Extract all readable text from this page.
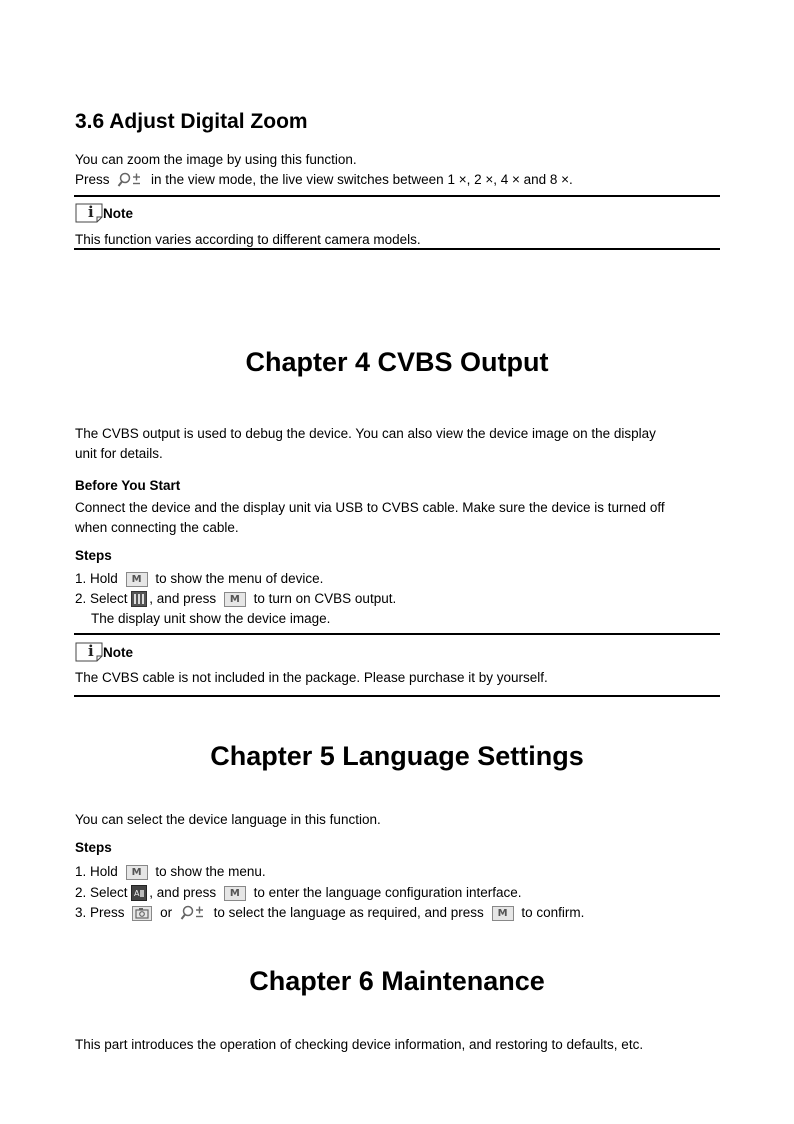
3.6 Adjust Digital Zoom

You can zoom the image by using this function.

Press	in the view mode, the live view switches between 1 ×, 2 ×, 4 × and 8 ×.

i Note

This function varies according to different camera models.

Chapter 4 CVBS Output

The CVBS output is used to debug the device. You can also view the device image on the display

unit for details.

Before You Start

Connect the device and the display unit via USB to CVBS cable. Make sure the device is turned off

when connecting the cable.

Steps

1. Hold M to show the menu of device.

2. Select , and press M to turn on CVBS output.

The display unit show the device image.

i Note

The CVBS cable is not included in the package. Please purchase it by yourself.

Chapter 5 Language Settings

You can select the device language in this function.

Steps

1. Hold M to show the menu.

2. Select A , and press M to enter the language configuration interface.

3. Press	or	to select the language as required, and press M to confirm.

Chapter 6 Maintenance

This part introduces the operation of checking device information, and restoring to defaults, etc.
